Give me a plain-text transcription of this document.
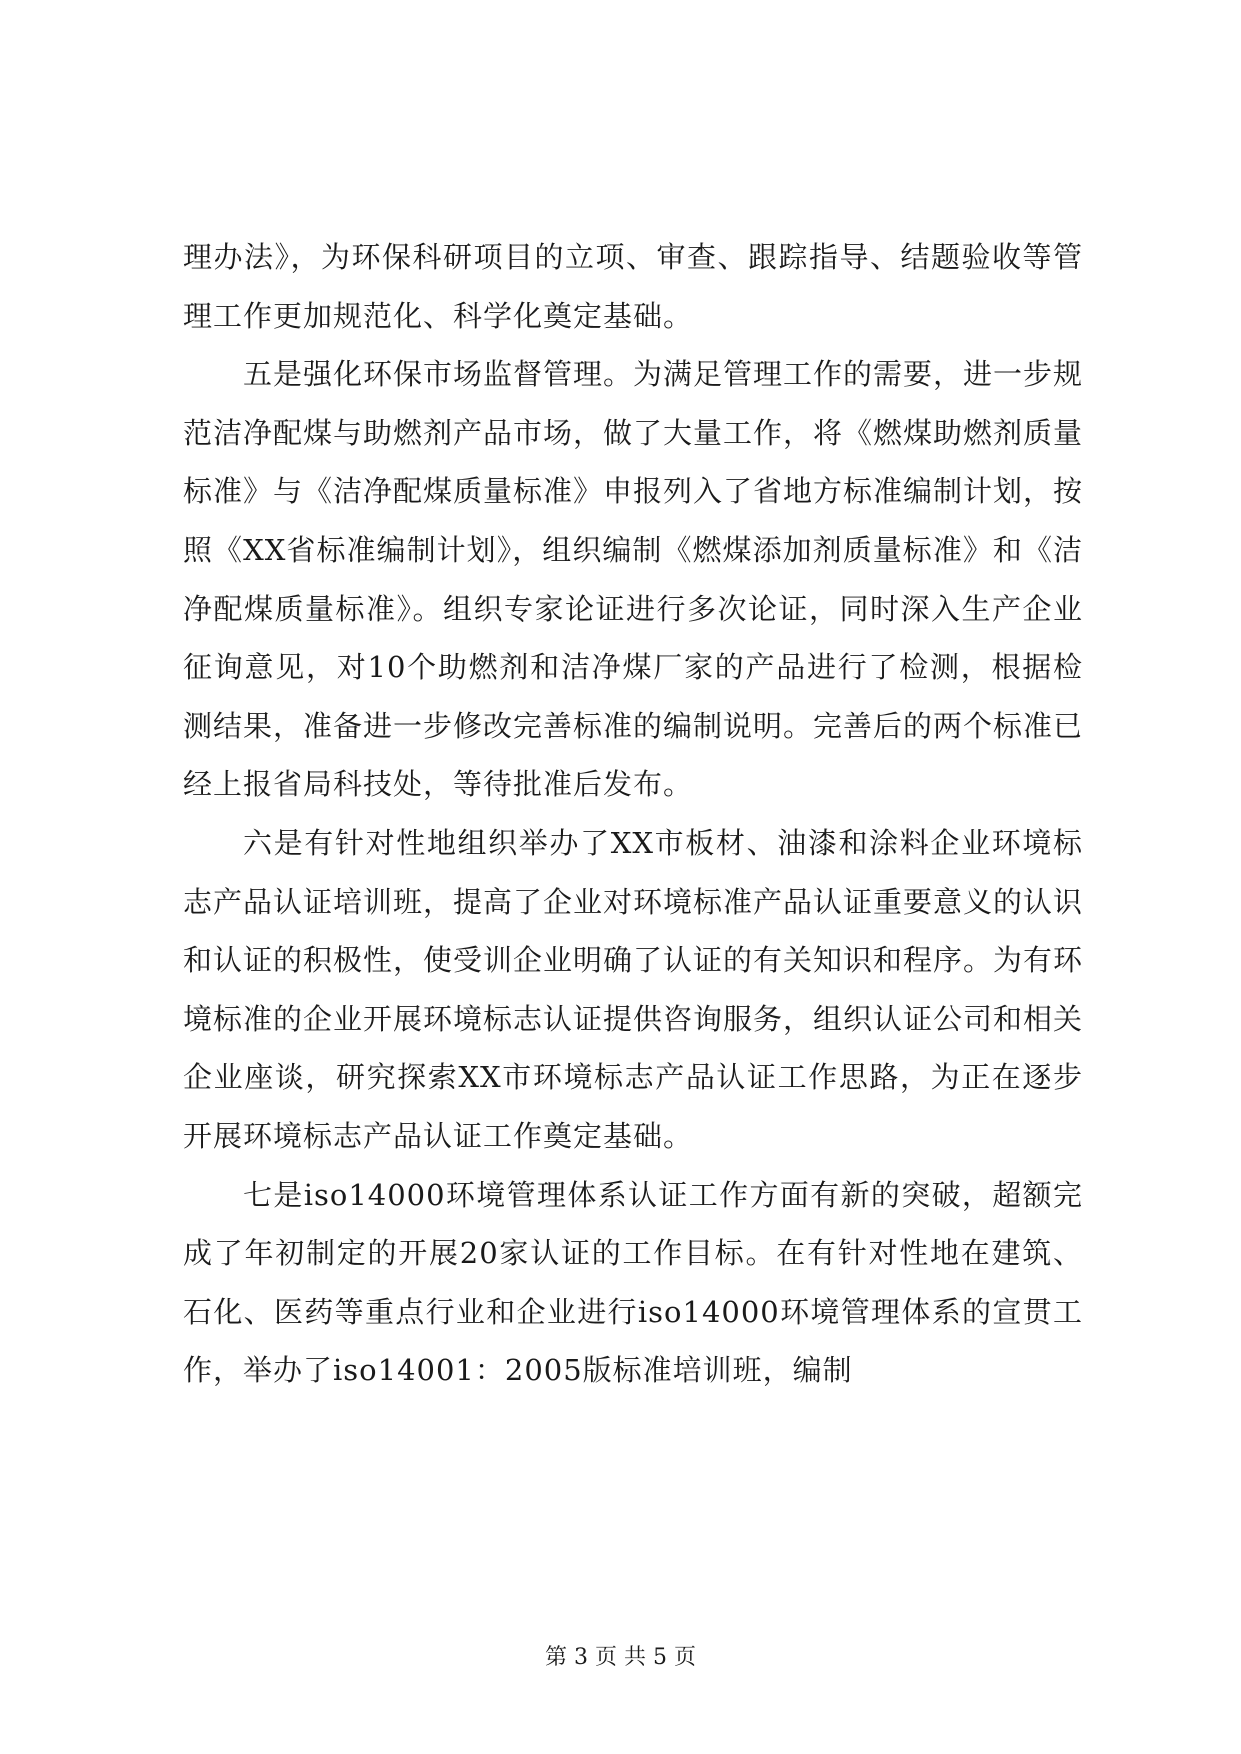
理办法》，为环保科研项目的立项、审查、跟踪指导、结题验收等管理工作更加规范化、科学化奠定基础。

五是强化环保市场监督管理。为满足管理工作的需要，进一步规范洁净配煤与助燃剂产品市场，做了大量工作，将《燃煤助燃剂质量标准》与《洁净配煤质量标准》申报列入了省地方标准编制计划，按照《XX省标准编制计划》，组织编制《燃煤添加剂质量标准》和《洁净配煤质量标准》。组织专家论证进行多次论证，同时深入生产企业征询意见，对10个助燃剂和洁净煤厂家的产品进行了检测，根据检测结果，准备进一步修改完善标准的编制说明。完善后的两个标准已经上报省局科技处，等待批准后发布。

六是有针对性地组织举办了XX市板材、油漆和涂料企业环境标志产品认证培训班，提高了企业对环境标准产品认证重要意义的认识和认证的积极性，使受训企业明确了认证的有关知识和程序。为有环境标准的企业开展环境标志认证提供咨询服务，组织认证公司和相关企业座谈，研究探索XX市环境标志产品认证工作思路，为正在逐步开展环境标志产品认证工作奠定基础。

七是iso14000环境管理体系认证工作方面有新的突破，超额完成了年初制定的开展20家认证的工作目标。在有针对性地在建筑、石化、医药等重点行业和企业进行iso14000环境管理体系的宣贯工作，举办了iso14001：2005版标准培训班，编制

第 3 页 共 5 页
